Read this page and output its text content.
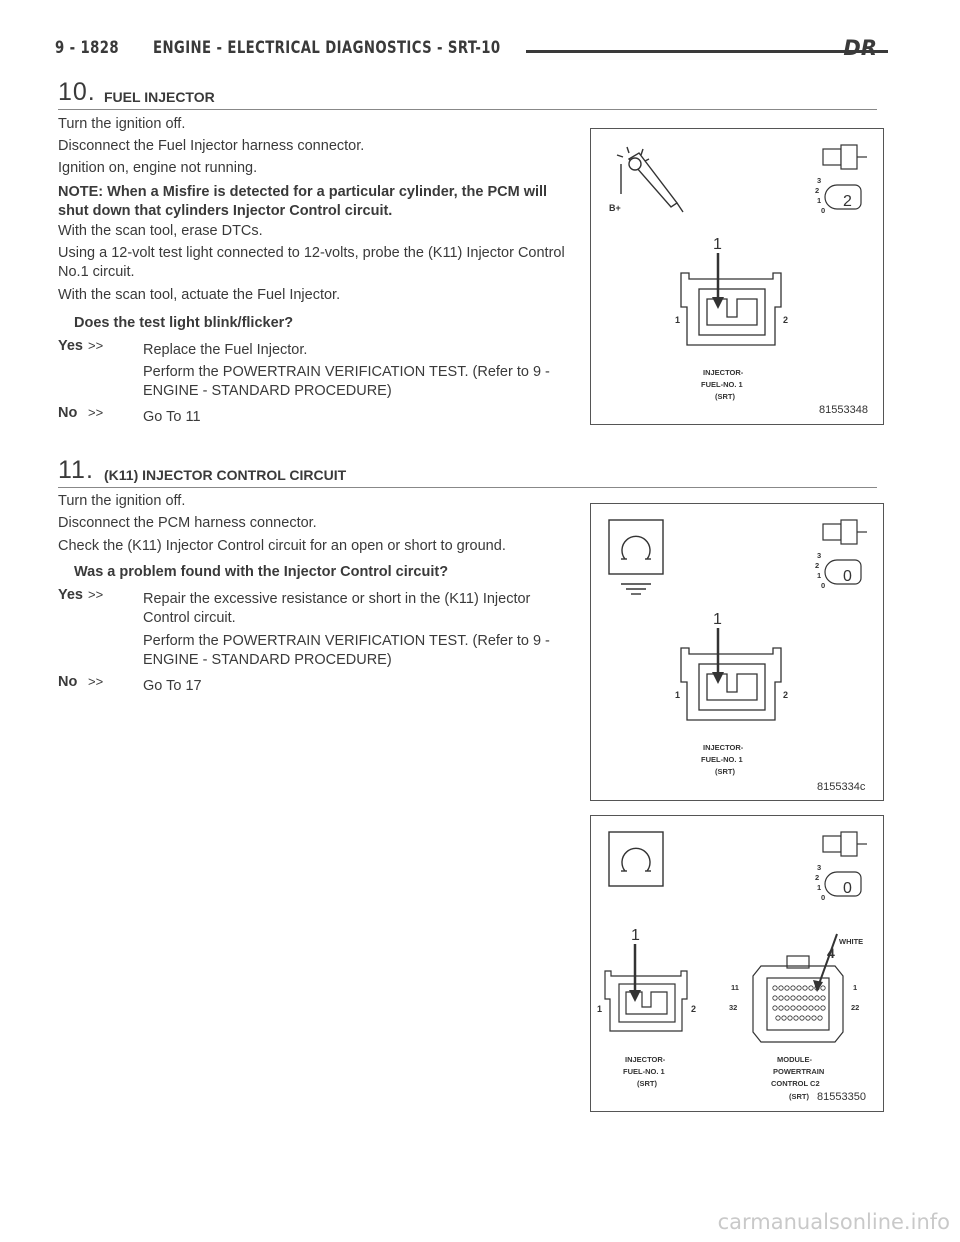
9 - 1828 ENGINE - ELECTRICAL DIAGNOSTICS - SRT-10	DR
10. FUEL INJECTOR

Turn the ignition off.

Disconnect the Fuel Injector harness connector.

Ignition on, engine not running.

NOTE: When a Misfire is detected for a particular cylinder, the PCM will shut down that cylinders Injector Control circuit.

With the scan tool, erase DTCs.

Using a 12-volt test light connected to 12-volts, probe the (K11) Injector Control No.1 circuit.

With the scan tool, actuate the Fuel Injector.

Does the test light blink/flicker?

Yes >>	Replace the Fuel Injector.

Perform the POWERTRAIN VERIFICATION TEST. (Refer to 9 - ENGINE - STANDARD PROCEDURE)

No >>	Go To 11

B+	2
3
2
1
0
1
1	2
INJECTOR-
FUEL-NO. 1
(SRT)
81553348
11. (K11) INJECTOR CONTROL CIRCUIT

Turn the ignition off.

Disconnect the PCM harness connector.

Check the (K11) Injector Control circuit for an open or short to ground.

Was a problem found with the Injector Control circuit?

Yes >>	Repair the excessive resistance or short in the (K11) Injector Control circuit.

Perform the POWERTRAIN VERIFICATION TEST. (Refer to 9 - ENGINE - STANDARD PROCEDURE)

No >>	Go To 17

0
3
2
1
0
1
1	2
INJECTOR-
FUEL-NO. 1
(SRT)
8155334c
0
3
2
1
0
1
1	2
INJECTOR-
FUEL-NO. 1
(SRT)
WHITE
4
11	1
32	22
MODULE-
POWERTRAIN
CONTROL C2
(SRT) 81553350
carmanualsonline.info
